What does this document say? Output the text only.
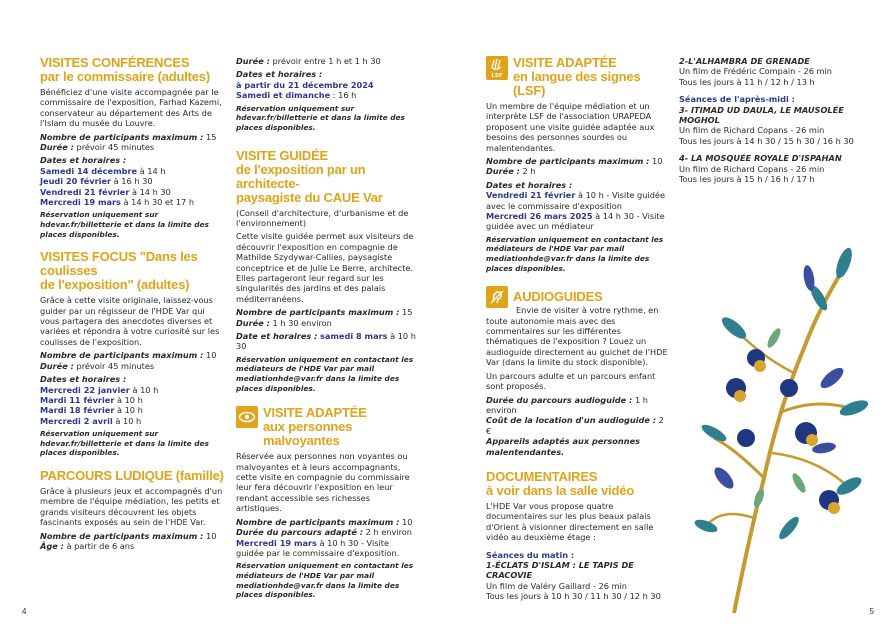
VISITES CONFÉRENCES
par le commissaire (adultes)

Bénéficiez d'une visite accompagnée par le commissaire de l'exposition, Farhad Kazemi, conservateur au département des Arts de l'Islam du musée du Louvre.

Nombre de participants maximum : 15
Durée : prévoir 45 minutes

Dates et horaires :
Samedi 14 décembre à 14 h
Jeudi 20 février à 16 h 30
Vendredi 21 février à 14 h 30
Mercredi 19 mars à 14 h 30 et 17 h

Réservation uniquement sur hdevar.fr/billetterie et dans la limite des places disponibles.

VISITES FOCUS "Dans les coulisses
de l'exposition" (adultes)

Grâce à cette visite originale, laissez-vous guider par un régisseur de l'HDE Var qui vous partagera des anecdotes diverses et variées et répondra à votre curiosité sur les coulisses de l'exposition.

Nombre de participants maximum : 10
Durée : prévoir 45 minutes

Dates et horaires :
Mercredi 22 janvier à 10 h
Mardi 11 février à 10 h
Mardi 18 février à 10 h
Mercredi 2 avril à 10 h

Réservation uniquement sur hdevar.fr/billetterie et dans la limite des places disponibles.

PARCOURS LUDIQUE (famille)

Grâce à plusieurs jeux et accompagnés d'un membre de l'équipe médiation, les petits et grands visiteurs découvrent les objets fascinants exposés au sein de l'HDE Var.

Nombre de participants maximum : 10
Âge : à partir de 6 ans

Durée : prévoir entre 1 h et 1 h 30

Dates et horaires :
à partir du 21 décembre 2024
Samedi et dimanche : 16 h

Réservation uniquement sur hdevar.fr/billetterie et dans la limite des places disponibles.

VISITE GUIDÉE
de l'exposition par un architecte-
paysagiste du CAUE Var

(Conseil d'architecture, d'urbanisme et de l'environnement)

Cette visite guidée permet aux visiteurs de découvrir l'exposition en compagnie de Mathilde Szydywar-Callies, paysagiste conceptrice et de Julie Le Berre, architecte. Elles partageront leur regard sur les singularités des jardins et des palais méditerranéens.

Nombre de participants maximum : 15
Durée : 1 h 30 environ

Date et horaires : samedi 8 mars à 10 h 30

Réservation uniquement en contactant les médiateurs de l'HDE Var par mail mediationhde@var.fr dans la limite des places disponibles.

VISITE ADAPTÉE
aux personnes malvoyantes

Réservée aux personnes non voyantes ou malvoyantes et à leurs accompagnants, cette visite en compagnie du commissaire leur fera découvrir l'exposition en leur rendant accessible ses richesses artistiques.

Nombre de participants maximum : 10
Durée du parcours adapté : 2 h environ
Mercredi 19 mars à 10 h 30 - Visite guidée par le commissaire d'exposition.

Réservation uniquement en contactant les médiateurs de l'HDE Var par mail mediationhde@var.fr dans la limite des places disponibles.

4
LSF
VISITE ADAPTÉE
en langue des signes (LSF)

Un membre de l'équipe médiation et un interprète LSF de l'association URAPEDA proposent une visite guidée adaptée aux besoins des personnes sourdes ou malentendantes.

Nombre de participants maximum : 10
Durée : 2 h

Dates et horaires :
Vendredi 21 février à 10 h - Visite guidée avec le commissaire d'exposition
Mercredi 26 mars 2025 à 14 h 30 - Visite guidée avec un médiateur

Réservation uniquement en contactant les médiateurs de l'HDE Var par mail mediationhde@var.fr dans la limite des places disponibles.

AUDIOGUIDES

Envie de visiter à votre rythme, en toute autonomie mais avec des commentaires sur les différentes thématiques de l'exposition ? Louez un audioguide directement au guichet de l'HDE Var (dans la limite du stock disponible).

Un parcours adulte et un parcours enfant sont proposés.

Durée du parcours audioguide : 1 h environ
Coût de la location d'un audioguide : 2 €
Appareils adaptés aux personnes malentendantes.

DOCUMENTAIRES
à voir dans la salle vidéo

L'HDE Var vous propose quatre documentaires sur les plus beaux palais d'Orient à visionner directement en salle vidéo au deuxième étage :

Séances du matin :
1-ÉCLATS D'ISLAM : LE TAPIS DE CRACOVIE
Un film de Valéry Gaillard - 26 min
Tous les jours à 10 h 30 / 11 h 30 / 12 h 30

2-L'ALHAMBRA DE GRENADE
Un film de Frédéric Compain - 26 min
Tous les jours à 11 h / 12 h / 13 h

Séances de l'après-midi :
3- ITIMAD UD DAULA, LE MAUSOLÉE MOGHOL
Un film de Richard Copans - 26 min
Tous les jours à 14 h 30 / 15 h 30 / 16 h 30

4- LA MOSQUÉE ROYALE D'ISPAHAN
Un film de Richard Copans - 26 min
Tous les jours à 15 h / 16 h / 17 h

5
